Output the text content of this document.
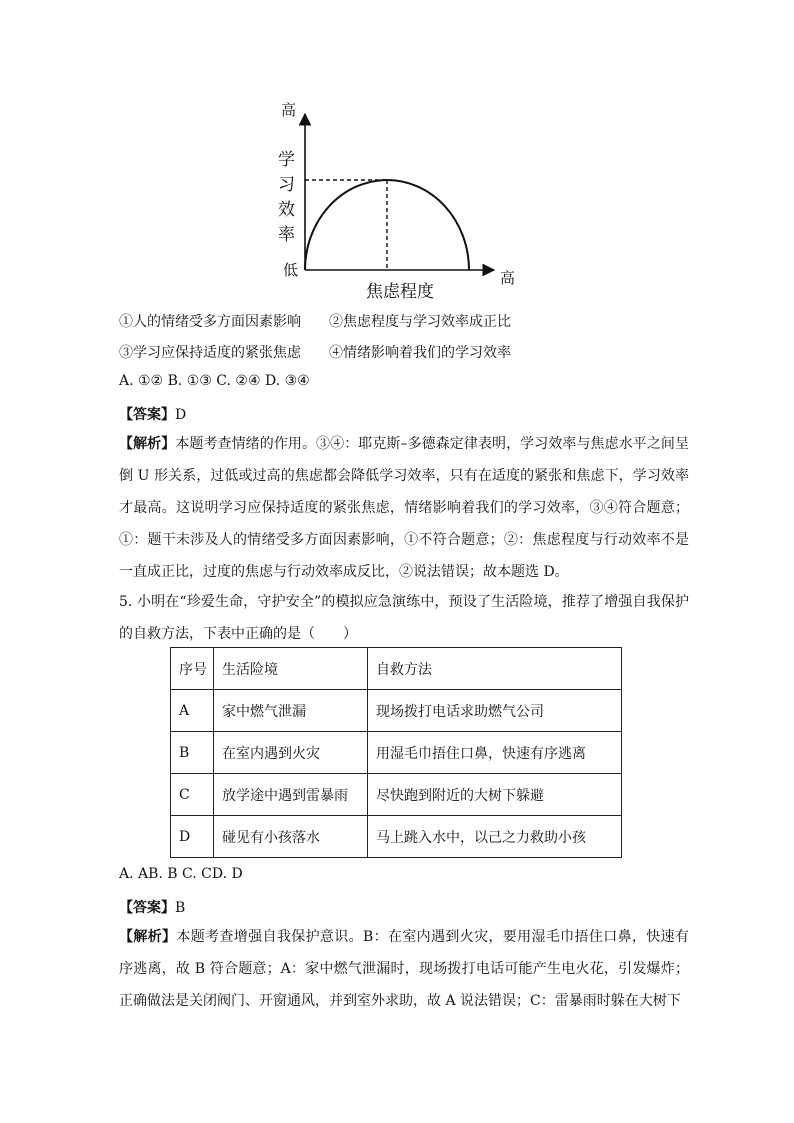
高
学习效率
低	高
焦虑程度
①人的情绪受多方面因素影响 ②焦虑程度与学习效率成正比
③学习应保持适度的紧张焦虑 ④情绪影响着我们的学习效率
A. ①② B. ①③ C. ②④ D. ③④
【答案】D
【解析】本题考查情绪的作用。③④：耶克斯–多德森定律表明，学习效率与焦虑水平之间呈倒 U 形关系，过低或过高的焦虑都会降低学习效率，只有在适度的紧张和焦虑下，学习效率才最高。这说明学习应保持适度的紧张焦虑，情绪影响着我们的学习效率，③④符合题意；①：题干未涉及人的情绪受多方面因素影响，①不符合题意；②：焦虑程度与行动效率不是一直成正比，过度的焦虑与行动效率成反比，②说法错误；故本题选 D。
5. 小明在“珍爱生命，守护安全”的模拟应急演练中，预设了生活险境，推荐了增强自我保护的自救方法，下表中正确的是（　　）
序号	生活险境	自救方法
A	家中燃气泄漏	现场拨打电话求助燃气公司
B	在室内遇到火灾	用湿毛巾捂住口鼻，快速有序逃离
C	放学途中遇到雷暴雨	尽快跑到附近的大树下躲避
D	碰见有小孩落水	马上跳入水中，以己之力救助小孩
A. AB. B C. CD. D
【答案】B
【解析】本题考查增强自我保护意识。B：在室内遇到火灾，要用湿毛巾捂住口鼻，快速有序逃离，故 B 符合题意；A：家中燃气泄漏时，现场拨打电话可能产生电火花，引发爆炸；正确做法是关闭阀门、开窗通风，并到室外求助，故 A 说法错误；C：雷暴雨时躲在大树下
